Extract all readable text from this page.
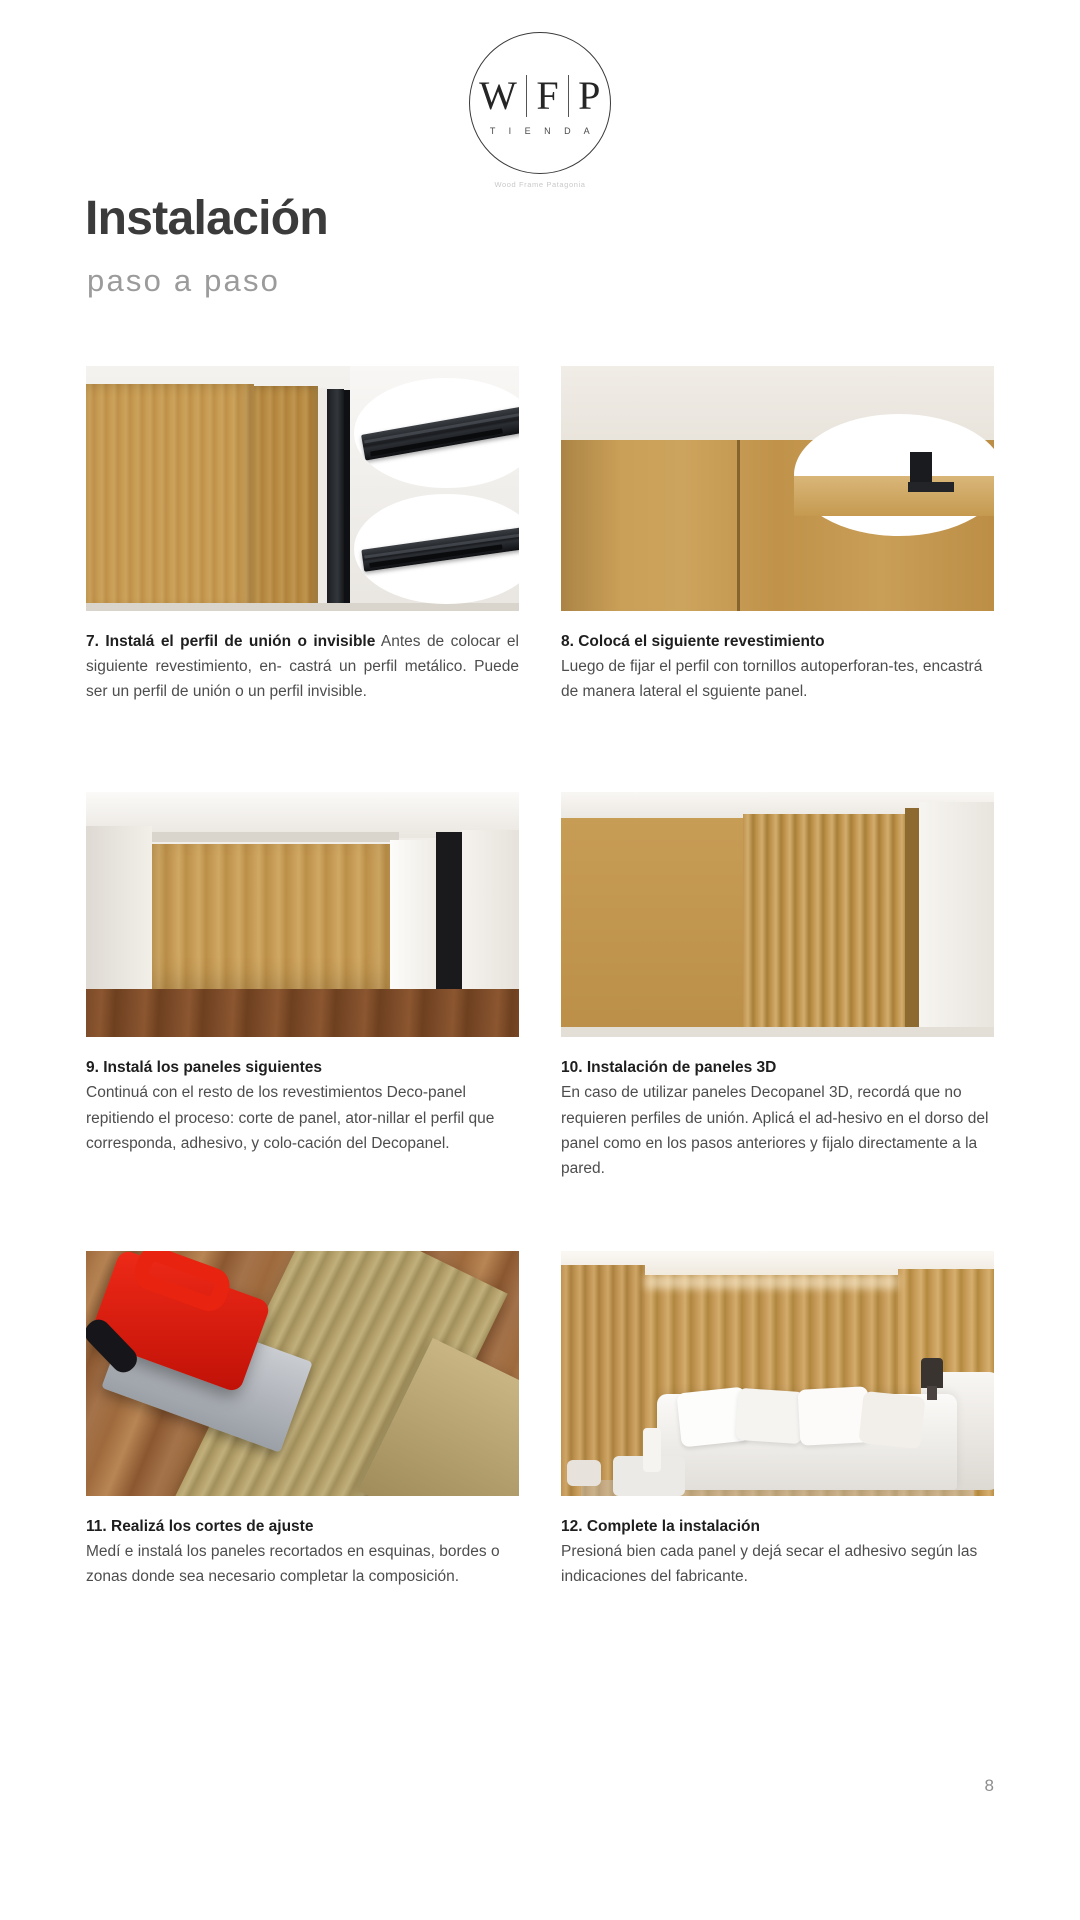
W F P
T I E N D A
Wood Frame Patagonia
Instalación
paso a paso

7. Instalá el perfil de unión o invisible Antes de colocar el siguiente revestimiento, en- castrá un perfil metálico. Puede ser un perfil de unión o un perfil invisible.

8. Colocá el siguiente revestimiento

Luego de fijar el perfil con tornillos autoperforan-tes, encastrá de manera lateral el sguiente panel.

9. Instalá los paneles siguientes

Continuá con el resto de los revestimientos Deco-panel repitiendo el proceso: corte de panel, ator-nillar el perfil que corresponda, adhesivo, y colo-cación del Decopanel.

10. Instalación de paneles 3D

En caso de utilizar paneles Decopanel 3D, recordá que no requieren perfiles de unión. Aplicá el ad-hesivo en el dorso del panel como en los pasos anteriores y fijalo directamente a la pared.

11. Realizá los cortes de ajuste

Medí e instalá los paneles recortados en esquinas, bordes o zonas donde sea necesario completar la composición.

12. Complete la instalación

Presioná bien cada panel y dejá secar el adhesivo según las indicaciones del fabricante.

8
